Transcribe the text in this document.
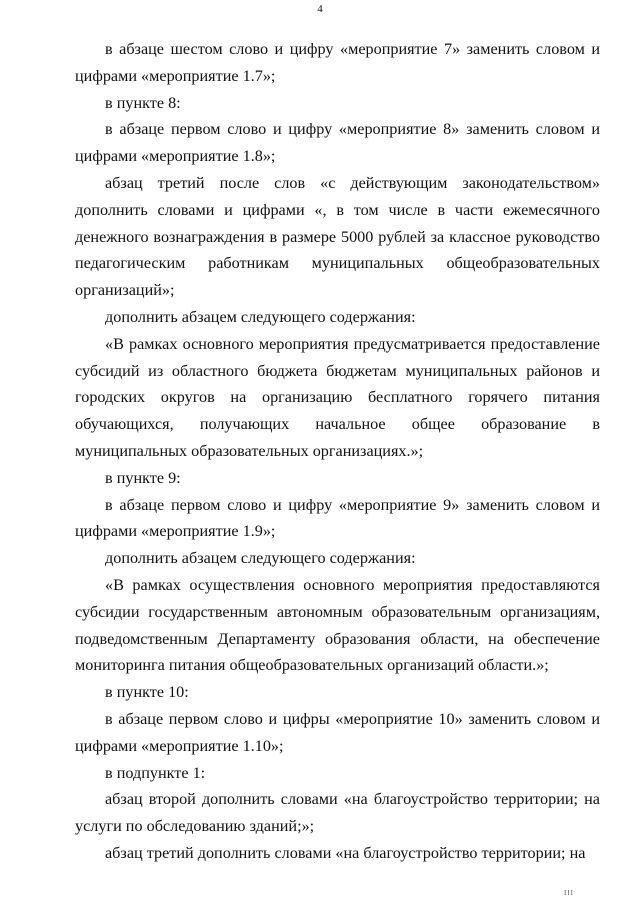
4

в абзаце шестом слово и цифру «мероприятие 7» заменить словом и цифрами «мероприятие 1.7»;

в пункте 8:

в абзаце первом слово и цифру «мероприятие 8» заменить словом и цифрами «мероприятие 1.8»;

абзац третий после слов «с действующим законодательством» дополнить словами и цифрами «, в том числе в части ежемесячного денежного вознаграждения в размере 5000 рублей за классное руководство педагогическим работникам муниципальных общеобразовательных организаций»;

дополнить абзацем следующего содержания:

«В рамках основного мероприятия предусматривается предоставление субсидий из областного бюджета бюджетам муниципальных районов и городских округов на организацию бесплатного горячего питания обучающихся, получающих начальное общее образование в муниципальных образовательных организациях.»;

в пункте 9:

в абзаце первом слово и цифру «мероприятие 9» заменить словом и цифрами «мероприятие 1.9»;

дополнить абзацем следующего содержания:

«В рамках осуществления основного мероприятия предоставляются субсидии государственным автономным образовательным организациям, подведомственным Департаменту образования области, на обеспечение мониторинга питания общеобразовательных организаций области.»;

в пункте 10:

в абзаце первом слово и цифры «мероприятие 10» заменить словом и цифрами «мероприятие 1.10»;

в подпункте 1:

абзац второй дополнить словами «на благоустройство территории; на услуги по обследованию зданий;»;

абзац третий дополнить словами «на благоустройство территории; на

III
